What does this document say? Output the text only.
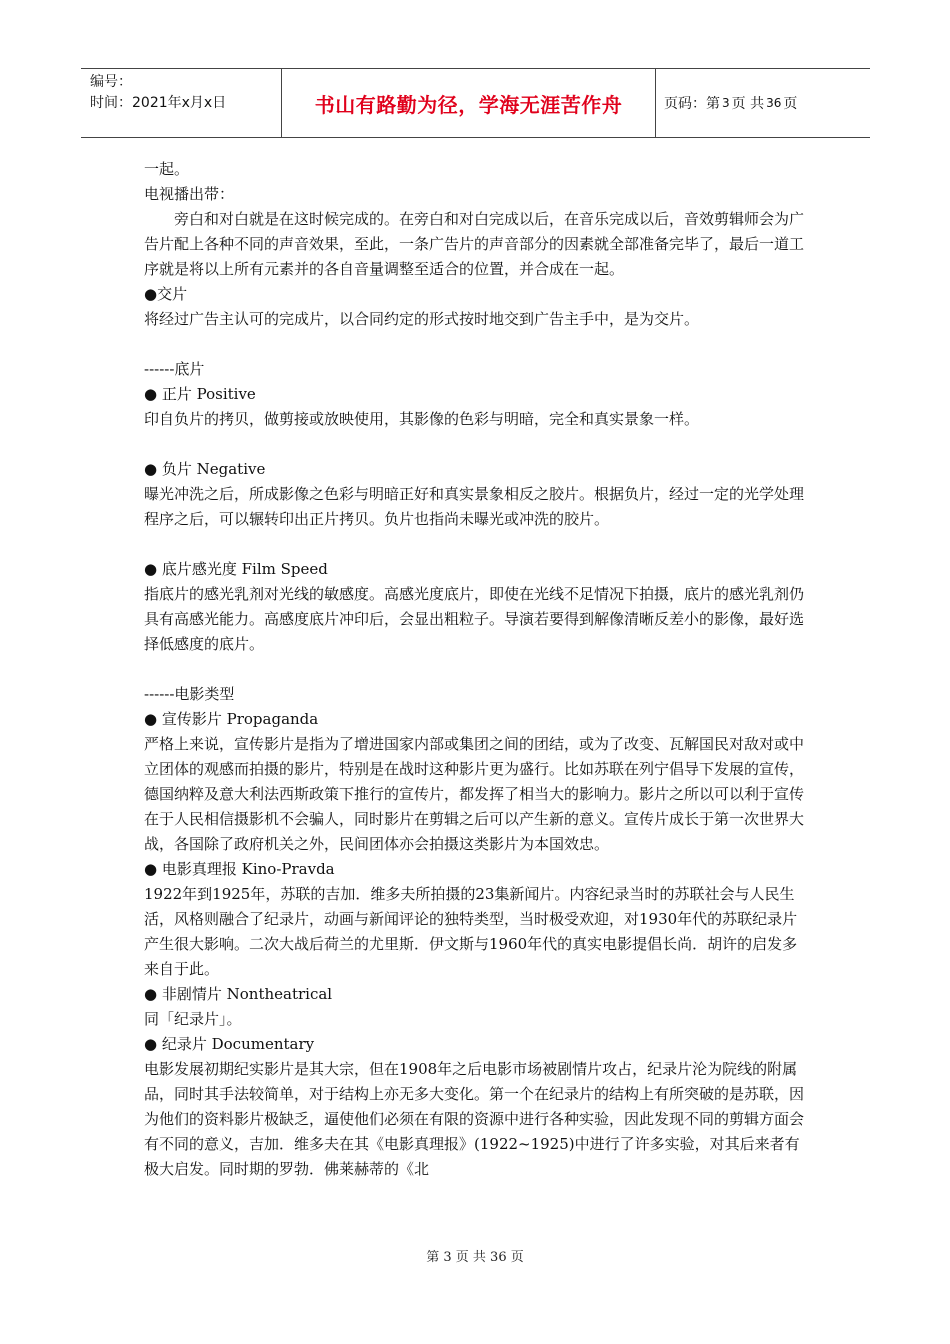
编号：
时间：2021年x月x日	书山有路勤为径，学海无涯苦作舟	页码：第 3 页 共 36 页

一起。

电视播出带：

旁白和对白就是在这时候完成的。在旁白和对白完成以后，在音乐完成以后，音效剪辑师会为广告片配上各种不同的声音效果，至此，一条广告片的声音部分的因素就全部准备完毕了，最后一道工序就是将以上所有元素并的各自音量调整至适合的位置，并合成在一起。

●交片

将经过广告主认可的完成片，以合同约定的形式按时地交到广告主手中，是为交片。

------底片

● 正片 Positive

印自负片的拷贝，做剪接或放映使用，其影像的色彩与明暗，完全和真实景象一样。

● 负片 Negative

曝光冲洗之后，所成影像之色彩与明暗正好和真实景象相反之胶片。根据负片，经过一定的光学处理程序之后，可以辗转印出正片拷贝。负片也指尚未曝光或冲洗的胶片。

● 底片感光度 Film Speed

指底片的感光乳剂对光线的敏感度。高感光度底片，即使在光线不足情况下拍摄，底片的感光乳剂仍具有高感光能力。高感度底片冲印后，会显出粗粒子。导演若要得到解像清晰反差小的影像，最好选择低感度的底片。

------电影类型

● 宣传影片 Propaganda

严格上来说，宣传影片是指为了增进国家内部或集团之间的团结，或为了改变、瓦解国民对敌对或中立团体的观感而拍摄的影片，特别是在战时这种影片更为盛行。比如苏联在列宁倡导下发展的宣传，德国纳粹及意大利法西斯政策下推行的宣传片，都发挥了相当大的影响力。影片之所以可以利于宣传在于人民相信摄影机不会骗人，同时影片在剪辑之后可以产生新的意义。宣传片成长于第一次世界大战，各国除了政府机关之外，民间团体亦会拍摄这类影片为本国效忠。

● 电影真理报 Kino-Pravda

1922年到1925年，苏联的吉加．维多夫所拍摄的23集新闻片。内容纪录当时的苏联社会与人民生活，风格则融合了纪录片，动画与新闻评论的独特类型，当时极受欢迎，对1930年代的苏联纪录片产生很大影响。二次大战后荷兰的尤里斯．伊文斯与1960年代的真实电影提倡长尚．胡许的启发多来自于此。

● 非剧情片 Nontheatrical

同「纪录片」。

● 纪录片 Documentary

电影发展初期纪实影片是其大宗，但在1908年之后电影市场被剧情片攻占，纪录片沦为院线的附属品，同时其手法较简单，对于结构上亦无多大变化。第一个在纪录片的结构上有所突破的是苏联，因为他们的资料影片极缺乏，逼使他们必须在有限的资源中进行各种实验，因此发现不同的剪辑方面会有不同的意义，吉加．维多夫在其《电影真理报》(1922~1925)中进行了许多实验，对其后来者有极大启发。同时期的罗勃．佛莱赫蒂的《北

第 3 页 共 36 页
